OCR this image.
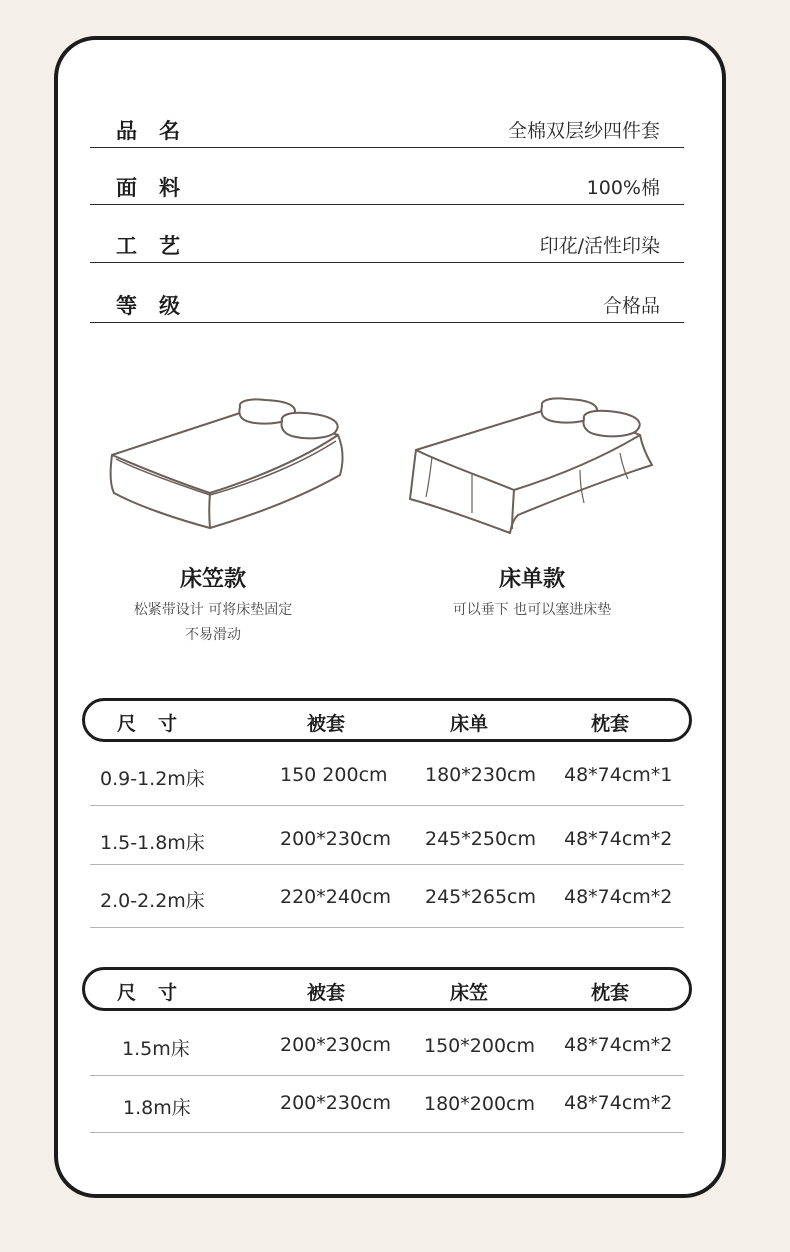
品名	全棉双层纱四件套
面料	100%棉
工艺	印花/活性印染
等级	合格品
床笠款
松紧带设计 可将床垫固定
不易滑动
床单款
可以垂下 也可以塞进床垫
尺寸	被套	床单	枕套
0.9-1.2m床	150 200cm 180*230cm 48*74cm*1
1.5-1.8m床	200*230cm 245*250cm 48*74cm*2
2.0-2.2m床	220*240cm 245*265cm 48*74cm*2
尺寸	被套	床笠	枕套
1.5m床	200*230cm 150*200cm 48*74cm*2
1.8m床	200*230cm 180*200cm 48*74cm*2
